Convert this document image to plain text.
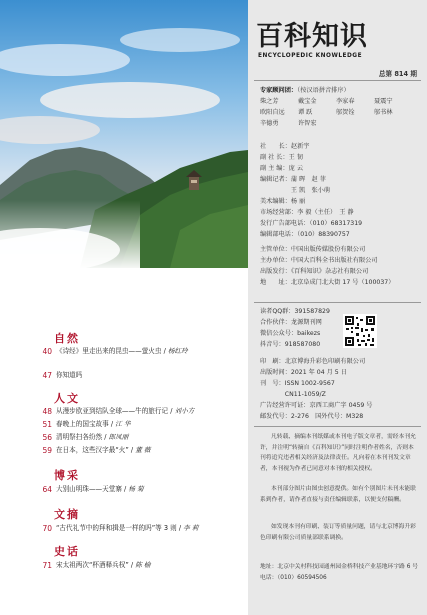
自然
40 《诗经》里走出来的昆虫——萤火虫 / 杨红玲
47 你知道吗
人文
48 从漫步欧亚到结队全球——牛的旅行记 / 刘小方
51 春晚上的国宝故事 / 江 华
56 清明祭扫各纷然 / 郎凤丽
59 在日本，这些汉字最“火” / 董 薇
博采
64 大别山明珠——天堂寨 / 杨 菊
文摘
70 “古代礼节中的拜和揖是一样的吗”等 3 则 / 李 莉
史话
71 宋太祖两次“杯酒释兵权” / 陈 榆
百科知识
ENCYCLOPEDIC KNOWLEDGE
总第 814 期
专家顾问团：（按汉语拼音排序）
柴之芳	戴宝金	李家春	聂震宁
欧阳自远 谭 跃	邬贺铨	邬书林
辛德勇	许智宏
社　　长：赵新宇
副 社 长：王 韧
副 主 编：庞 云
编辑记者：蒲 晖　赵 菲
　　　　　王 凯　张小萌
美术编辑：杨 丽
市场经营部：李 毅（主任）　王 静
发行广告部电话：（010）68317319
编辑部电话：（010）88390757
主管单位：中国出版传媒股份有限公司
主办单位：中国大百科全书出版社有限公司
出版发行：《百科知识》杂志社有限公司
地　　址：北京阜成门北大街 17 号（100037）
读者QQ群：391587829
合作伙伴：龙源期刊网
微信公众号：baikezs
抖音号：918587080
印　刷：北京博海升彩色印刷有限公司
出版时间：2021 年 04 月 5 日
刊　号：ISSN 1002-9567
　　　　CN11-1059/Z
广告经营许可证：京西工商广字 0459 号
邮发代号：2-276　国外代号：M328
凡转载、摘编本刊纸媒或本刊电子版文章者，需经本刊允许，并注明“转摘自《百科知识》”同时注明作者姓名，否则本刊将追究违者相关经济及法律责任。凡向着在本刊刊发文章者，本刊视为作者已同意对本刊的相关授权。
本刊部分图片由图虫创意提供。如有个别图片未刊未能联系到作者，请作者直接与责任编辑联系，以便支付稿酬。
如发现本刊有印刷、装订等质量问题，请与北京博海升彩色印刷有限公司质量部联系调换。
地址：北京中关村科技园通州园金桥科技产业基地环宇路 6 号
电话：（010）60594506
